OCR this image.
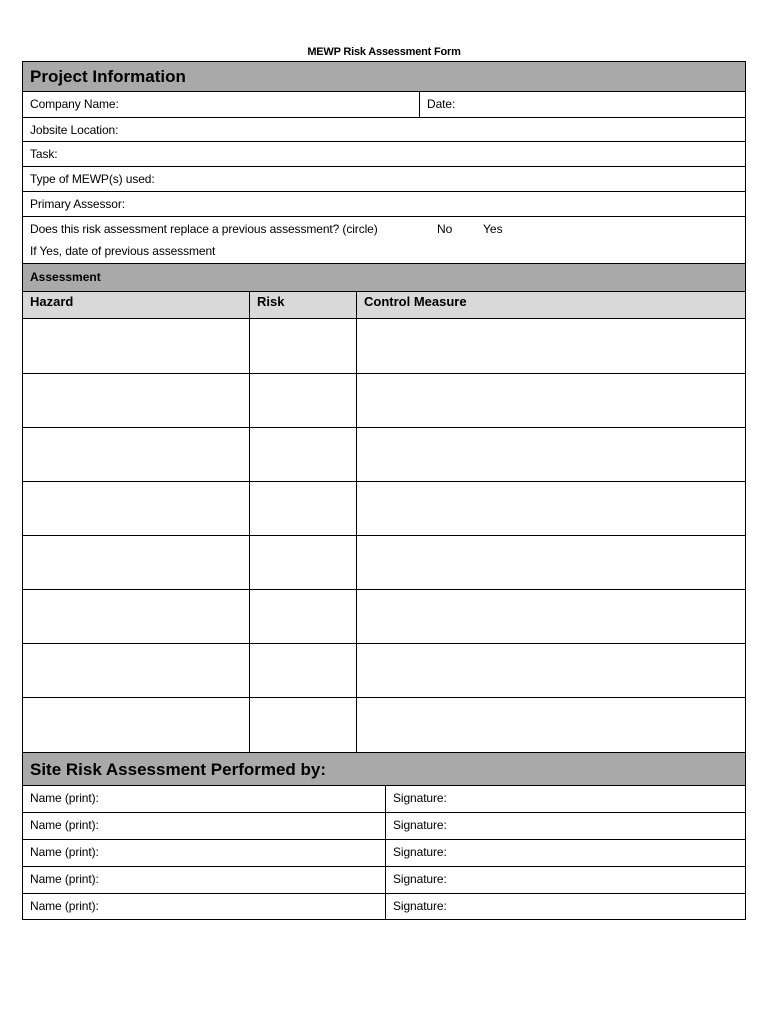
MEWP Risk Assessment Form
Project Information
Company Name:	Date:
Jobsite Location:
Task:
Type of MEWP(s) used:
Primary Assessor:
Does this risk assessment replace a previous assessment? (circle)	No	Yes
If Yes, date of previous assessment
Assessment
Hazard	Risk	Control Measure
Site Risk Assessment Performed by:
Name (print):	Signature:
Name (print):	Signature:
Name (print):	Signature:
Name (print):	Signature:
Name (print):	Signature:
